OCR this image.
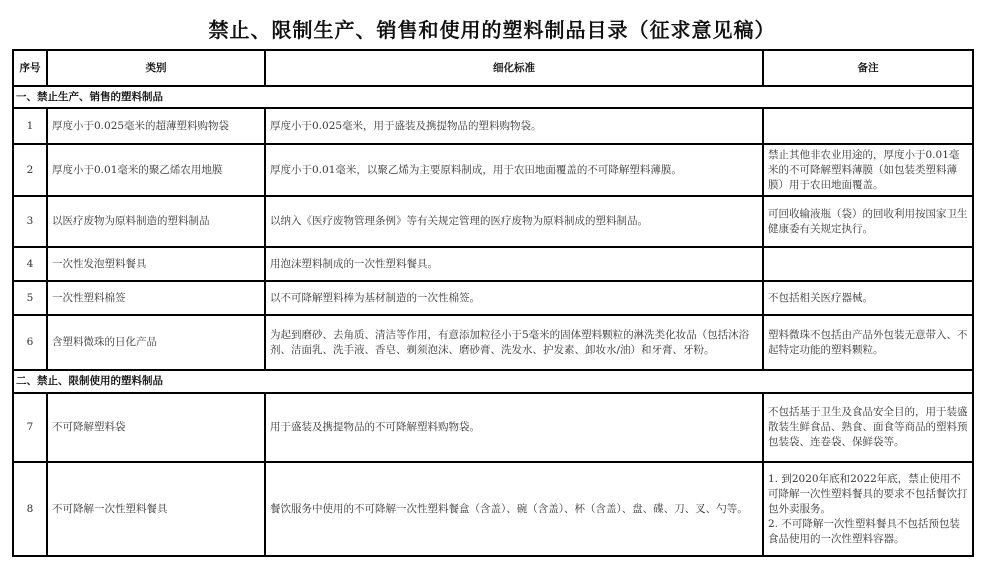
禁止、限制生产、销售和使用的塑料制品目录（征求意见稿）
序号	类别	细化标准	备注
一、禁止生产、销售的塑料制品			
1	厚度小于0.025毫米的超薄塑料购物袋	厚度小于0.025毫米，用于盛装及携提物品的塑料购物袋。	
2	厚度小于0.01毫米的聚乙烯农用地膜	厚度小于0.01毫米，以聚乙烯为主要原料制成，用于农田地面覆盖的不可降解塑料薄膜。	禁止其他非农业用途的，厚度小于0.01毫米的不可降解塑料薄膜（如包装类塑料薄膜）用于农田地面覆盖。
3	以医疗废物为原料制造的塑料制品	以纳入《医疗废物管理条例》等有关规定管理的医疗废物为原料制成的塑料制品。	可回收输液瓶（袋）的回收利用按国家卫生健康委有关规定执行。
4	一次性发泡塑料餐具	用泡沫塑料制成的一次性塑料餐具。	
5	一次性塑料棉签	以不可降解塑料棒为基材制造的一次性棉签。	不包括相关医疗器械。
6	含塑料微珠的日化产品	为起到磨砂、去角质、清洁等作用，有意添加粒径小于5毫米的固体塑料颗粒的淋洗类化妆品（包括沐浴剂、洁面乳、洗手液、香皂、剃须泡沫、磨砂膏、洗发水、护发素、卸妆水/油）和牙膏、牙粉。	塑料微珠不包括由产品外包装无意带入、不起特定功能的塑料颗粒。
二、禁止、限制使用的塑料制品			
7	不可降解塑料袋	用于盛装及携提物品的不可降解塑料购物袋。	不包括基于卫生及食品安全目的，用于装盛散装生鲜食品、熟食、面食等商品的塑料预包装袋、连卷袋、保鲜袋等。
8	不可降解一次性塑料餐具	餐饮服务中使用的不可降解一次性塑料餐盒（含盖）、碗（含盖）、杯（含盖）、盘、碟、刀、叉、勺等。	1. 到2020年底和2022年底，禁止使用不可降解一次性塑料餐具的要求不包括餐饮打包外卖服务。
2. 不可降解一次性塑料餐具不包括预包装食品使用的一次性塑料容器。
